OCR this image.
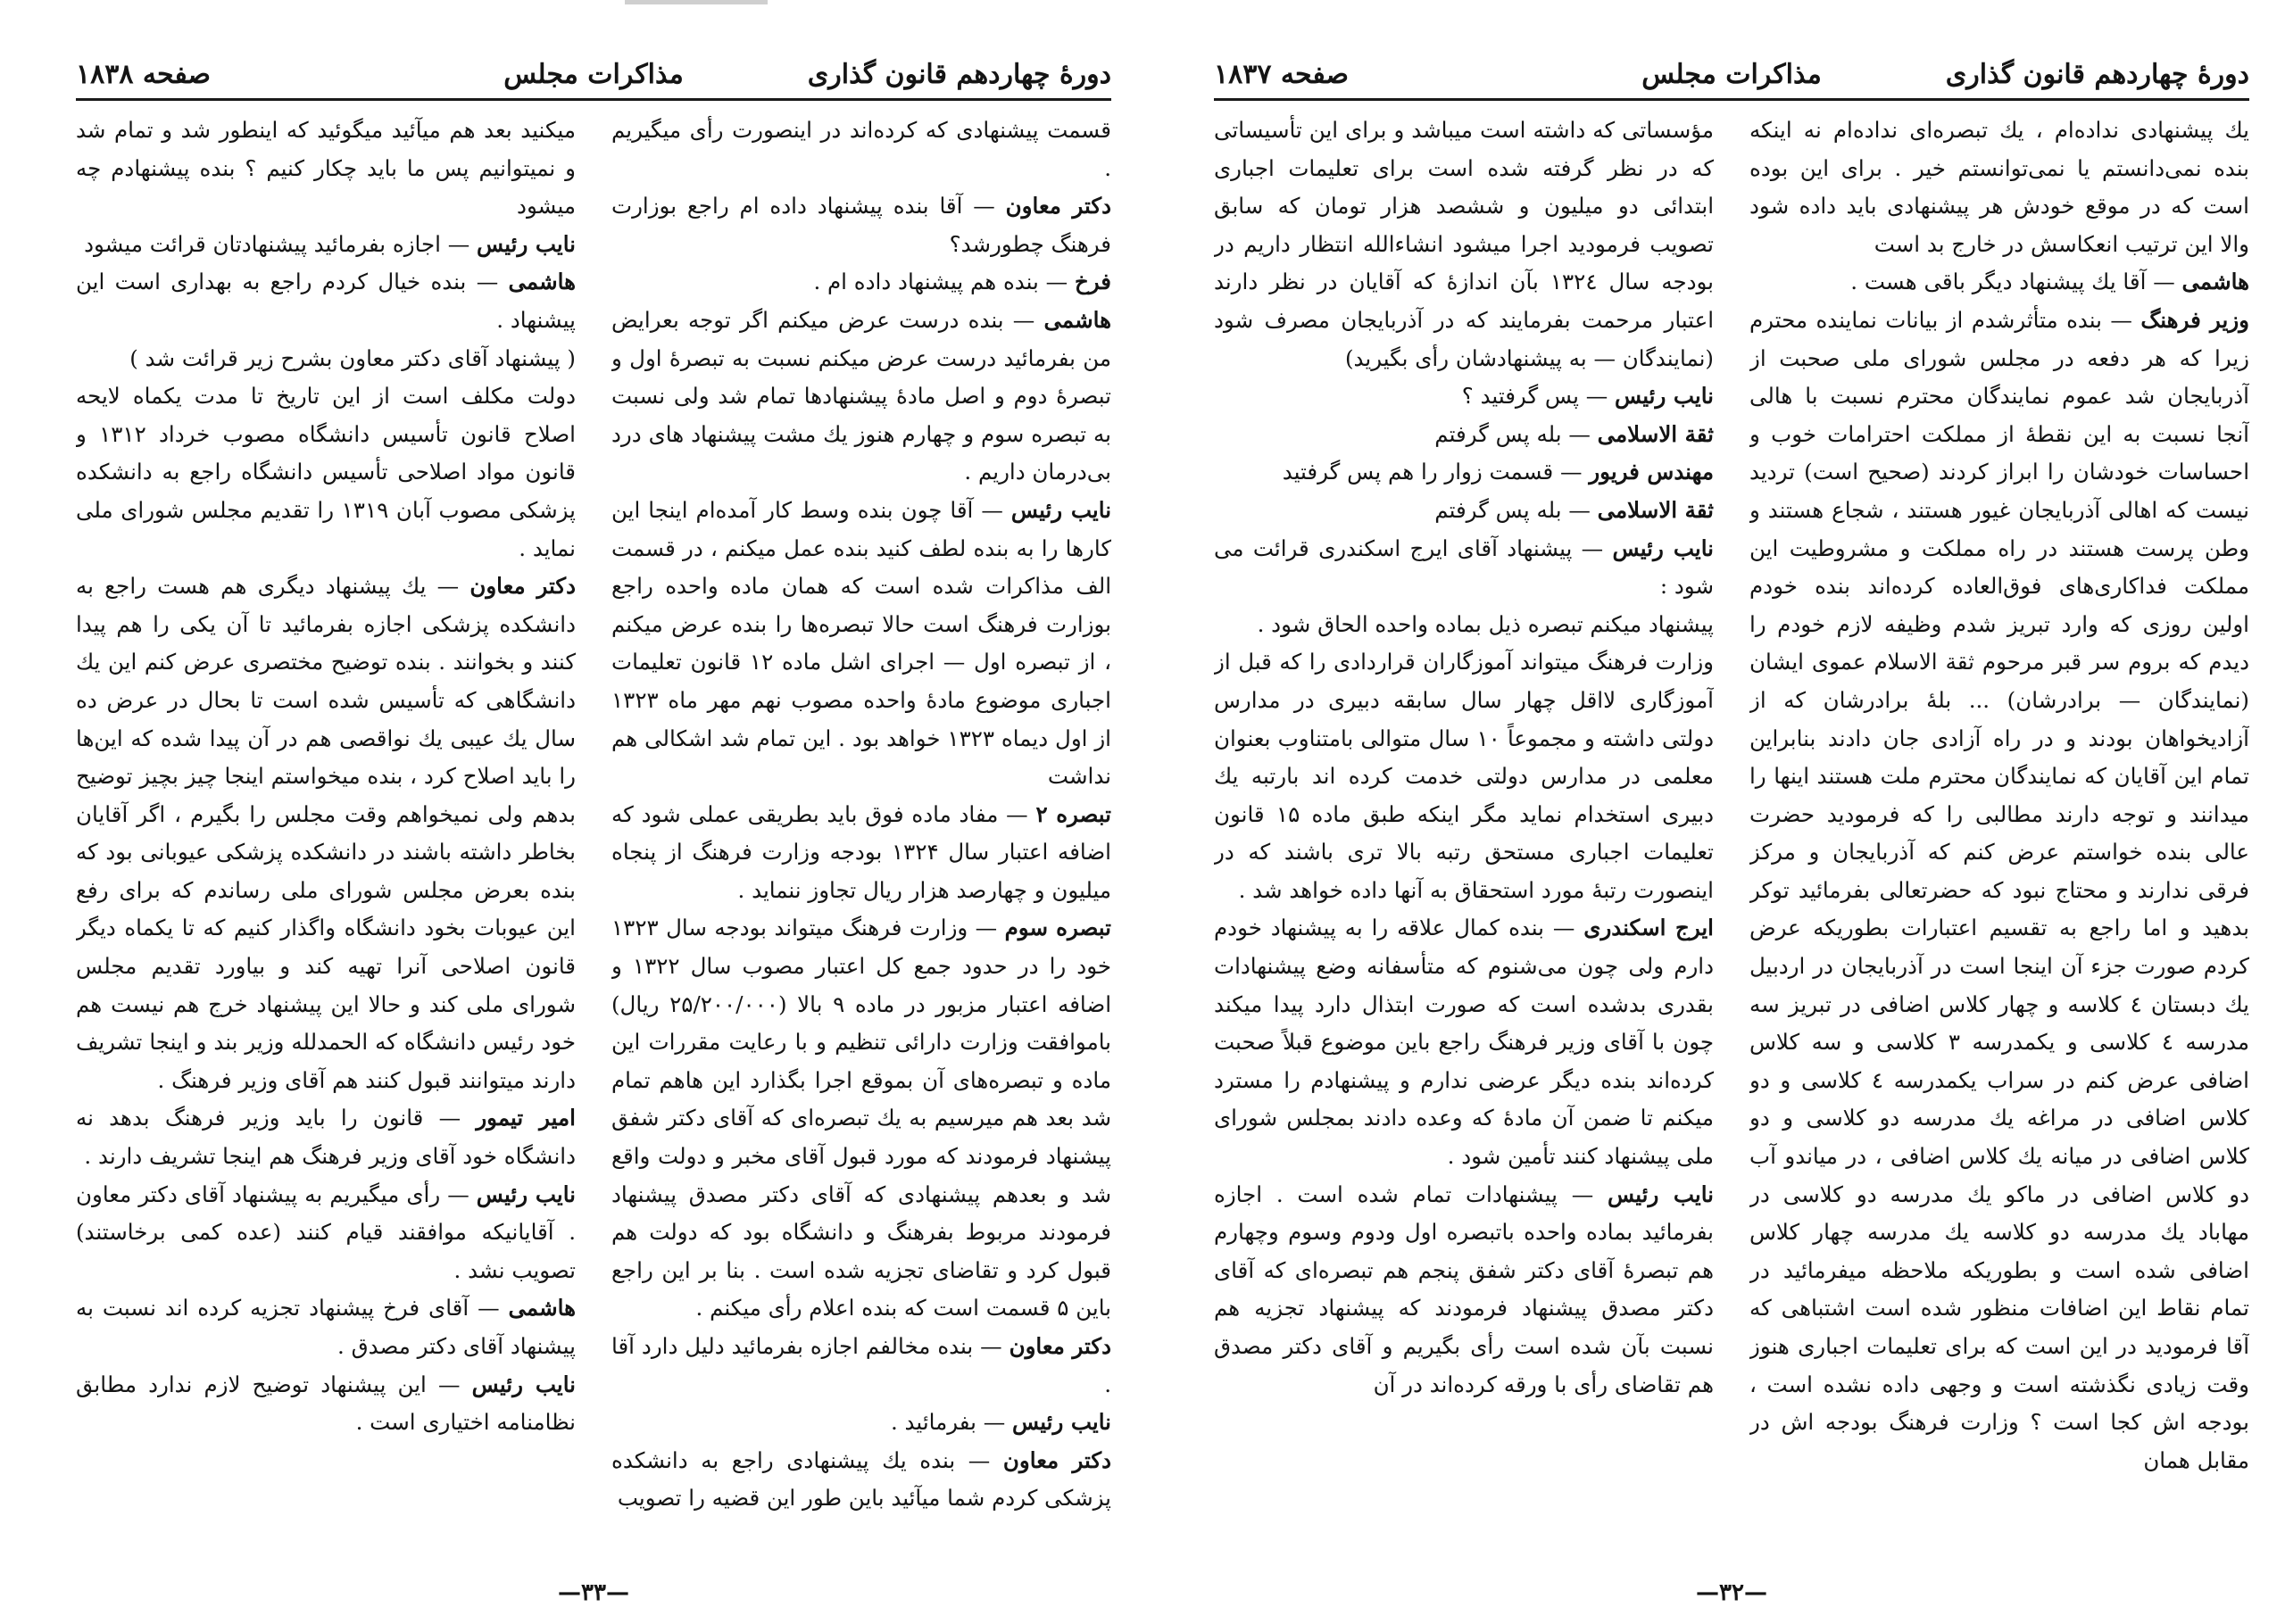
دورهٔ چهاردهم قانون گذاری
مذاکرات مجلس
صفحه ۱۸۳۸

قسمت پیشنهادی که کرده‌اند در اینصورت رأی میگیریم .

دکتر معاون — آقا بنده پیشنهاد داده ام راجع بوزارت فرهنگ چطورشد؟

فرخ — بنده هم پیشنهاد داده ام .

هاشمی — بنده درست عرض میکنم اگر توجه بعرایض من بفرمائید درست عرض میکنم نسبت به تبصرهٔ اول و تبصرهٔ دوم و اصل مادهٔ پیشنهادها تمام شد ولی نسبت به تبصره سوم و چهارم هنوز یك مشت پیشنهاد های درد بی‌درمان داریم .

نایب رئیس — آقا چون بنده وسط کار آمده‌ام اینجا این کارها را به بنده لطف کنید بنده عمل میکنم ، در قسمت الف مذاکرات شده است که همان ماده واحده راجع بوزارت فرهنگ است حالا تبصره‌ها را بنده عرض میکنم ، از تبصره اول — اجرای اشل ماده ۱۲ قانون تعلیمات اجباری موضوع مادهٔ واحده مصوب نهم مهر ماه ۱۳۲۳ از اول دیماه ۱۳۲۳ خواهد بود . این تمام شد اشکالی هم نداشت

تبصره ۲ — مفاد ماده فوق باید بطریقی عملی شود که اضافه اعتبار سال ۱۳۲۴ بودجه وزارت فرهنگ از پنجاه میلیون و چهارصد هزار ریال تجاوز ننماید .

تبصره سوم — وزارت فرهنگ میتواند بودجه سال ۱۳۲۳ خود را در حدود جمع کل اعتبار مصوب سال ۱۳۲۲ و اضافه اعتبار مزبور در ماده ۹ بالا (۲۵/۲۰۰/۰۰۰ ریال) باموافقت وزارت دارائی تنظیم و با رعایت مقررات این ماده و تبصره‌های آن بموقع اجرا بگذارد این هاهم تمام شد بعد هم میرسیم به یك تبصره‌ای که آقای دکتر شفق پیشنهاد فرمودند که مورد قبول آقای مخبر و دولت واقع شد و بعدهم پیشنهادی که آقای دکتر مصدق پیشنهاد فرمودند مربوط بفرهنگ و دانشگاه بود که دولت هم قبول کرد و تقاضای تجزیه شده است . بنا بر این راجع باین ۵ قسمت است که بنده اعلام رأی میکنم .

دکتر معاون — بنده مخالفم اجازه بفرمائید دلیل دارد آقا .

نایب رئیس — بفرمائید .

دکتر معاون — بنده یك پیشنهادی راجع به دانشکده پزشکی کردم شما میآئید باین طور این قضیه را تصویب

میکنید بعد هم میآئید میگوئید که اینطور شد و تمام شد و نمیتوانیم پس ما باید چکار کنیم ؟ بنده پیشنهادم چه میشود

نایب رئیس — اجازه بفرمائید پیشنهادتان قرائت میشود

هاشمی — بنده خیال کردم راجع به بهداری است این پیشنهاد .

( پیشنهاد آقای دکتر معاون بشرح زیر قرائت شد )

دولت مکلف است از این تاریخ تا مدت یکماه لایحه اصلاح قانون تأسیس دانشگاه مصوب خرداد ۱۳۱۲ و قانون مواد اصلاحی تأسیس دانشگاه راجع به دانشکده پزشکی مصوب آبان ۱۳۱۹ را تقدیم مجلس شورای ملی نماید .

دکتر معاون — یك پیشنهاد دیگری هم هست راجع به دانشکده پزشکی اجازه بفرمائید تا آن یکی را هم پیدا کنند و بخوانند . بنده توضیح مختصری عرض کنم این یك دانشگاهی که تأسیس شده است تا بحال در عرض ده سال یك عیبی یك نواقصی هم در آن پیدا شده که این‌ها را باید اصلاح کرد ، بنده میخواستم اینجا چیز بچیز توضیح بدهم ولی نمیخواهم وقت مجلس را بگیرم ، اگر آقایان بخاطر داشته باشند در دانشکده پزشکی عیوبانی بود که بنده بعرض مجلس شورای ملی رساندم که برای رفع این عیوبات بخود دانشگاه واگذار کنیم که تا یکماه دیگر قانون اصلاحی آنرا تهیه کند و بیاورد تقدیم مجلس شورای ملی کند و حالا این پیشنهاد خرج هم نیست هم خود رئیس دانشگاه که الحمدلله وزیر بند و اینجا تشریف دارند میتوانند قبول کنند هم آقای وزیر فرهنگ .

امیر تیمور — قانون را باید وزیر فرهنگ بدهد نه دانشگاه خود آقای وزیر فرهنگ هم اینجا تشریف دارند .

نایب رئیس — رأی میگیریم به پیشنهاد آقای دکتر معاون . آقایانیکه موافقند قیام کنند (عده کمی برخاستند) تصویب نشد .

هاشمی — آقای فرخ پیشنهاد تجزیه کرده اند نسبت به پیشنهاد آقای دکتر مصدق .

نایب رئیس — این پیشنهاد توضیح لازم ندارد مطابق نظامنامه اختیاری است .

—۳۳—
دورهٔ چهاردهم قانون گذاری
مذاکرات مجلس
صفحه ۱۸۳۷

یك پیشنهادی نداده‌ام ، یك تبصره‌ای نداده‌ام نه اینکه بنده نمی‌دانستم یا نمی‌توانستم خیر . برای این بوده است که در موقع خودش هر پیشنهادی باید داده شود والا این ترتیب انعکاسش در خارج بد است

هاشمی — آقا یك پیشنهاد دیگر باقی هست .

وزیر فرهنگ — بنده متأثرشدم از بیانات نماینده محترم زیرا که هر دفعه در مجلس شورای ملی صحبت از آذربایجان شد عموم نمایندگان محترم نسبت با هالی آنجا نسبت به این نقطهٔ از مملکت احترامات خوب و احساسات خودشان را ابراز کردند (صحیح است) تردید نیست که اهالی آذربایجان غیور هستند ، شجاع هستند و وطن پرست هستند در راه مملکت و مشروطیت این مملکت فداکاری‌های فوق‌العاده کرده‌اند بنده خودم اولین روزی که وارد تبریز شدم وظیفه لازم خودم را دیدم که بروم سر قبر مرحوم ثقة الاسلام عموی ایشان (نمایندگان — برادرشان) ... بلهٔ برادرشان که از آزادیخواهان بودند و در راه آزادی جان دادند بنابراین تمام این آقایان که نمایندگان محترم ملت هستند اینها را میدانند و توجه دارند مطالبی را که فرمودید حضرت عالی بنده خواستم عرض کنم که آذربایجان و مرکز فرقی ندارند و محتاج نبود که حضرتعالی بفرمائید توکر بدهید و اما راجع به تقسیم اعتبارات بطوریکه عرض کردم صورت جزء آن اینجا است در آذربایجان در اردبیل یك دبستان ٤ کلاسه و چهار کلاس اضافی در تبریز سه مدرسه ٤ کلاسی و یکمدرسه ۳ کلاسی و سه کلاس اضافی عرض کنم در سراب یکمدرسه ٤ کلاسی و دو کلاس اضافی در مراغه یك مدرسه دو کلاسی و دو کلاس اضافی در میانه یك کلاس اضافی ، در میاندو آب دو کلاس اضافی در ماکو یك مدرسه دو کلاسی در مهاباد یك مدرسه دو کلاسه یك مدرسه چهار کلاس اضافی شده است و بطوریکه ملاحظه میفرمائید در تمام نقاط این اضافات منظور شده است اشتباهی که آقا فرمودید در این است که برای تعلیمات اجباری هنوز وقت زیادی نگذشته است و وجهی داده نشده است ، بودجه اش کجا است ؟ وزارت فرهنگ بودجه اش در مقابل همان

مؤسساتی که داشته است میباشد و برای این تأسیساتی که در نظر گرفته شده است برای تعلیمات اجباری ابتدائی دو میلیون و ششصد هزار تومان که سابق تصویب فرمودید اجرا میشود انشاءالله انتظار داریم در بودجه سال ۱۳۲٤ بآن اندازهٔ که آقایان در نظر دارند اعتبار مرحمت بفرمایند که در آذربایجان مصرف شود (نمایندگان — به پیشنهادشان رأی بگیرید)

نایب رئیس — پس گرفتید ؟

ثقة الاسلامی — بله پس گرفتم

مهندس فریور — قسمت زوار را هم پس گرفتید

ثقة الاسلامی — بله پس گرفتم

نایب رئیس — پیشنهاد آقای ایرج اسکندری قرائت می شود :

پیشنهاد میکنم تبصره ذیل بماده واحده الحاق شود .

وزارت فرهنگ میتواند آموزگاران قراردادی را که قبل از آموزگاری لااقل چهار سال سابقه دبیری در مدارس دولتی داشته و مجموعاً ۱۰ سال متوالی بامتناوب بعنوان معلمی در مدارس دولتی خدمت کرده اند بارتبه یك دبیری استخدام نماید مگر اینکه طبق ماده ۱۵ قانون تعلیمات اجباری مستحق رتبه بالا تری باشند که در اینصورت رتبهٔ مورد استحقاق به آنها داده خواهد شد .

ایرج اسکندری — بنده کمال علاقه را به پیشنهاد خودم دارم ولی چون می‌شنوم که متأسفانه وضع پیشنهادات بقدری بدشده است که صورت ابتذال دارد پیدا میکند چون با آقای وزیر فرهنگ راجع باین موضوع قبلاً صحبت کرده‌اند بنده دیگر عرضی ندارم و پیشنهادم را مسترد میکنم تا ضمن آن مادهٔ که وعده دادند بمجلس شورای ملی پیشنهاد کنند تأمین شود .

نایب رئیس — پیشنهادات تمام شده است . اجازه بفرمائید بماده واحده باتبصره اول ودوم وسوم وچهارم هم تبصرهٔ آقای دکتر شفق پنجم هم تبصره‌ای که آقای دکتر مصدق پیشنهاد فرمودند که پیشنهاد تجزیه هم نسبت بآن شده است رأی بگیریم و آقای دکتر مصدق هم تقاضای رأی با ورقه کرده‌اند در آن

—۳۲—
